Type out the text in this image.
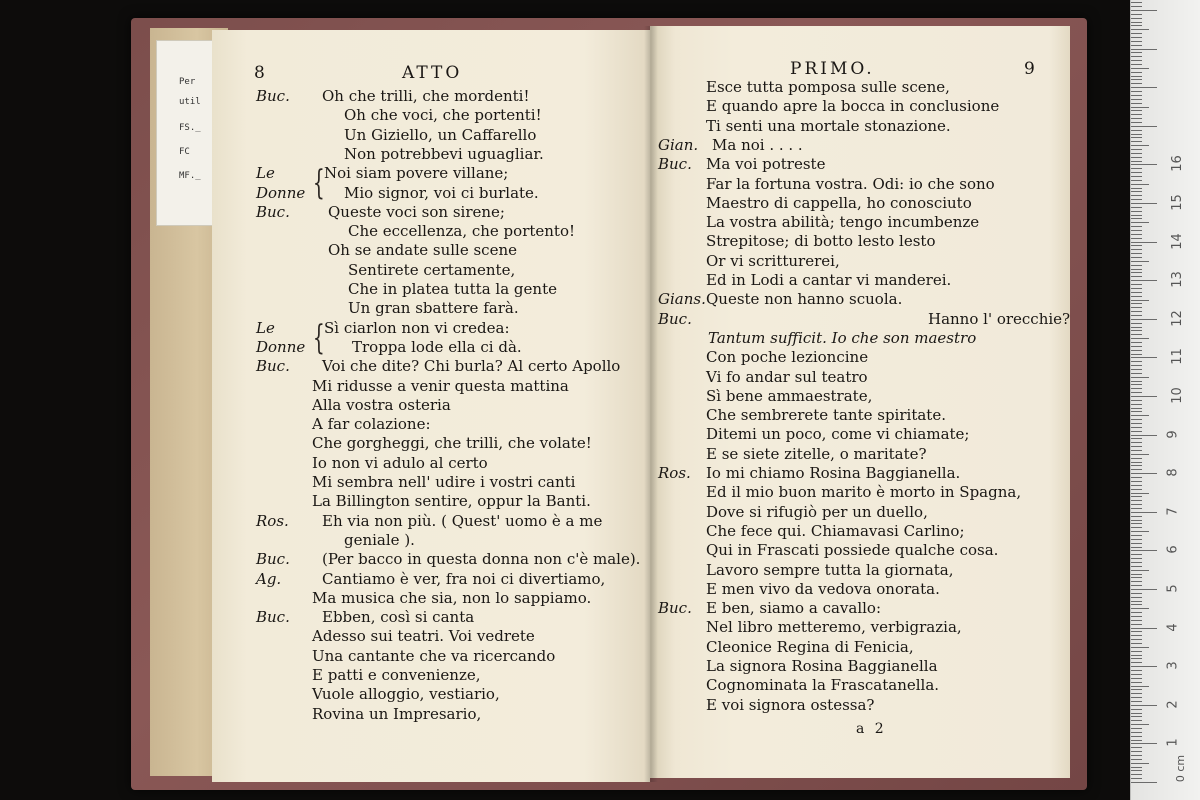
Per
util
FS._
FC
MF._
8	ATTO
Buc. Oh che trilli, che mordenti!
Oh che voci, che portenti!
Un Giziello, un Caffarello
Non potrebbevi uguagliar.
Le	Noi siam povere villane;
Donne	Mio signor, voi ci burlate.
Buc.	Queste voci son sirene;
Che eccellenza, che portento!
Oh se andate sulle scene
Sentirete certamente,
Che in platea tutta la gente
Un gran sbattere farà.
Le	Sì ciarlon non vi credea:
Donne	Troppa lode ella ci dà.
Buc. Voi che dite? Chi burla? Al certo Apollo
Mi ridusse a venir questa mattina
Alla vostra osteria
A far colazione:
Che gorgheggi, che trilli, che volate!
Io non vi adulo al certo
Mi sembra nell' udire i vostri canti
La Billington sentire, oppur la Banti.
Ros. Eh via non più. ( Quest' uomo è a me
geniale ).
Buc. (Per bacco in questa donna non c'è male).
Ag.	Cantiamo è ver, fra noi ci divertiamo,
Ma musica che sia, non lo sappiamo.
Buc. Ebben, così si canta
Adesso sui teatri. Voi vedrete
Una cantante che va ricercando
E patti e convenienze,
Vuole alloggio, vestiario,
Rovina un Impresario,
{
{
PRIMO.	9
Esce tutta pomposa sulle scene,
E quando apre la bocca in conclusione
Ti senti una mortale stonazione.
Gian. Ma noi . . . .
Buc. Ma voi potreste
Far la fortuna vostra. Odi: io che sono
Maestro di cappella, ho conosciuto
La vostra abilità; tengo incumbenze
Strepitose; di botto lesto lesto
Or vi scritturerei,
Ed in Lodi a cantar vi manderei.
Gians. Queste non hanno scuola.
Buc.	Hanno l' orecchie?
Tantum sufficit. Io che son maestro
Con poche lezioncine
Vi fo andar sul teatro
Sì bene ammaestrate,
Che sembrerete tante spiritate.
Ditemi un poco, come vi chiamate;
E se siete zitelle, o maritate?
Ros. Io mi chiamo Rosina Baggianella.
Ed il mio buon marito è morto in Spagna,
Dove si rifugiò per un duello,
Che fece qui. Chiamavasi Carlino;
Qui in Frascati possiede qualche cosa.
Lavoro sempre tutta la giornata,
E men vivo da vedova onorata.
Buc. E ben, siamo a cavallo:
Nel libro metteremo, verbigrazia,
Cleonice Regina di Fenicia,
La signora Rosina Baggianella
Cognominata la Frascatanella.
E voi signora ostessa?
a 2
0 cm
16
15
14
13
12
11
10
9
8
7
6
5
4
3
2
1
